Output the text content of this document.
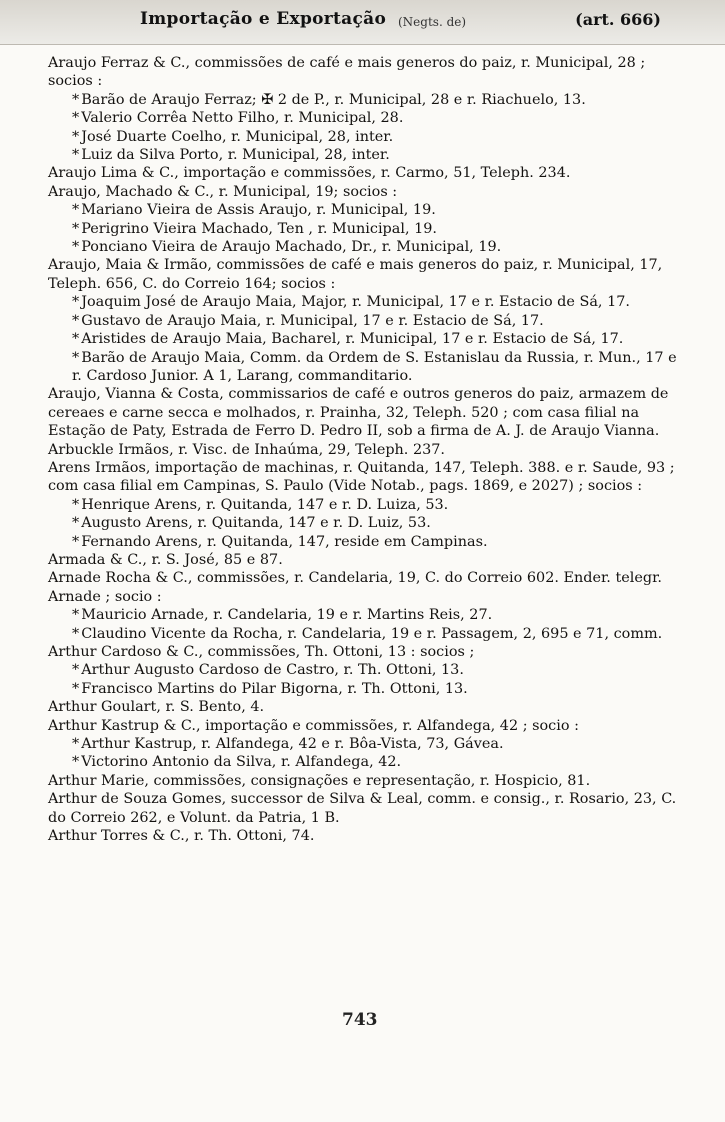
Importação e Exportação (Negts. de)	(art. 666)

Araujo Ferraz & C., commissões de café e mais generos do paiz, r. Municipal, 28 ; socios :

* Barão de Araujo Ferraz; ✠ 2 de P., r. Municipal, 28 e r. Riachuelo, 13.

* Valerio Corrêa Netto Filho, r. Municipal, 28.

* José Duarte Coelho, r. Municipal, 28, inter.

* Luiz da Silva Porto, r. Municipal, 28, inter.

Araujo Lima & C., importação e commissões, r. Carmo, 51, Teleph. 234.

Araujo, Machado & C., r. Municipal, 19; socios :

* Mariano Vieira de Assis Araujo, r. Municipal, 19.

* Perigrino Vieira Machado, Ten , r. Municipal, 19.

* Ponciano Vieira de Araujo Machado, Dr., r. Municipal, 19.

Araujo, Maia & Irmão, commissões de café e mais generos do paiz, r. Municipal, 17, Teleph. 656, C. do Correio 164; socios :

* Joaquim José de Araujo Maia, Major, r. Municipal, 17 e r. Estacio de Sá, 17.

* Gustavo de Araujo Maia, r. Municipal, 17 e r. Estacio de Sá, 17.

* Aristides de Araujo Maia, Bacharel, r. Municipal, 17 e r. Estacio de Sá, 17.

* Barão de Araujo Maia, Comm. da Ordem de S. Estanislau da Russia, r. Mun., 17 e r. Cardoso Junior. A 1, Larang, commanditario.

Araujo, Vianna & Costa, commissarios de café e outros generos do paiz, armazem de cereaes e carne secca e molhados, r. Prainha, 32, Teleph. 520 ; com casa filial na Estação de Paty, Estrada de Ferro D. Pedro II, sob a firma de A. J. de Araujo Vianna.

Arbuckle Irmãos, r. Visc. de Inhaúma, 29, Teleph. 237.

Arens Irmãos, importação de machinas, r. Quitanda, 147, Teleph. 388. e r. Saude, 93 ; com casa filial em Campinas, S. Paulo (Vide Notab., pags. 1869, e 2027) ; socios :

* Henrique Arens, r. Quitanda, 147 e r. D. Luiza, 53.

* Augusto Arens, r. Quitanda, 147 e r. D. Luiz, 53.

* Fernando Arens, r. Quitanda, 147, reside em Campinas.

Armada & C., r. S. José, 85 e 87.

Arnade Rocha & C., commissões, r. Candelaria, 19, C. do Correio 602. Ender. telegr. Arnade ; socio :

* Mauricio Arnade, r. Candelaria, 19 e r. Martins Reis, 27.

* Claudino Vicente da Rocha, r. Candelaria, 19 e r. Passagem, 2, 695 e 71, comm.

Arthur Cardoso & C., commissões, Th. Ottoni, 13 : socios ;

* Arthur Augusto Cardoso de Castro, r. Th. Ottoni, 13.

* Francisco Martins do Pilar Bigorna, r. Th. Ottoni, 13.

Arthur Goulart, r. S. Bento, 4.

Arthur Kastrup & C., importação e commissões, r. Alfandega, 42 ; socio :

* Arthur Kastrup, r. Alfandega, 42 e r. Bôa-Vista, 73, Gávea.

* Victorino Antonio da Silva, r. Alfandega, 42.

Arthur Marie, commissões, consignações e representação, r. Hospicio, 81.

Arthur de Souza Gomes, successor de Silva & Leal, comm. e consig., r. Rosario, 23, C. do Correio 262, e Volunt. da Patria, 1 B.

Arthur Torres & C., r. Th. Ottoni, 74.

743
